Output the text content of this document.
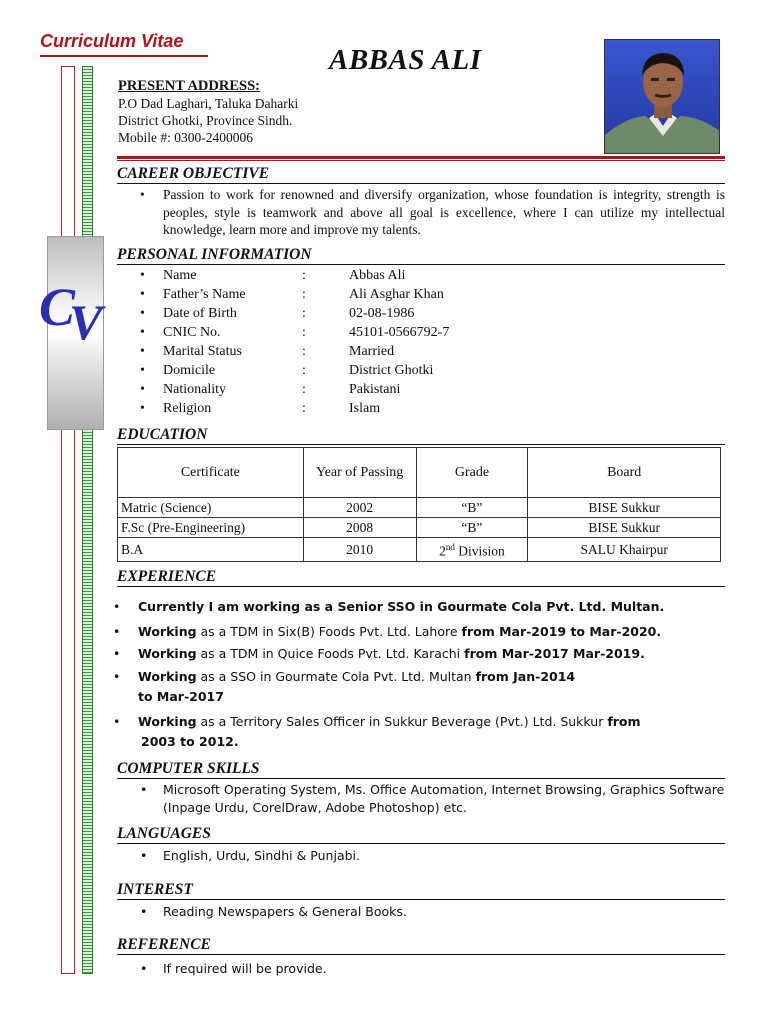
Curriculum Vitae
CV
ABBAS ALI
PRESENT ADDRESS:
P.O Dad Laghari, Taluka Daharki
District Ghotki, Province Sindh.
Mobile #: 0300-2400006
CAREER OBJECTIVE
• Passion to work for renowned and diversify organization, whose foundation is integrity, strength is peoples, style is teamwork and above all goal is excellence, where I can utilize my intellectual knowledge, learn more and improve my talents.
PERSONAL INFORMATION
• Name	:	Abbas Ali
• Father’s Name	:	Ali Asghar Khan
• Date of Birth	:	02-08-1986
• CNIC No.	:	45101-0566792-7
• Marital Status	:	Married
• Domicile	:	District Ghotki
• Nationality	:	Pakistani
• Religion	:	Islam
EDUCATION
Certificate	Year of Passing	Grade	Board
Matric (Science)	2002	“B”	BISE Sukkur
F.Sc (Pre-Engineering)	2008	“B”	BISE Sukkur
B.A	2010	2nd Division	SALU Khairpur
EXPERIENCE
• Currently I am working as a Senior SSO in Gourmate Cola Pvt. Ltd. Multan.
• Working as a TDM in Six(B) Foods Pvt. Ltd. Lahore from Mar-2019 to Mar-2020.
• Working as a TDM in Quice Foods Pvt. Ltd. Karachi from Mar-2017 Mar-2019.
• Working as a SSO in Gourmate Cola Pvt. Ltd. Multan from Jan-2014
to Mar-2017
• Working as a Territory Sales Officer in Sukkur Beverage (Pvt.) Ltd. Sukkur from
2003 to 2012.
COMPUTER SKILLS
• Microsoft Operating System, Ms. Office Automation, Internet Browsing, Graphics Software (Inpage Urdu, CorelDraw, Adobe Photoshop) etc.
LANGUAGES
• English, Urdu, Sindhi & Punjabi.
INTEREST
• Reading Newspapers & General Books.
REFERENCE
• If required will be provide.
